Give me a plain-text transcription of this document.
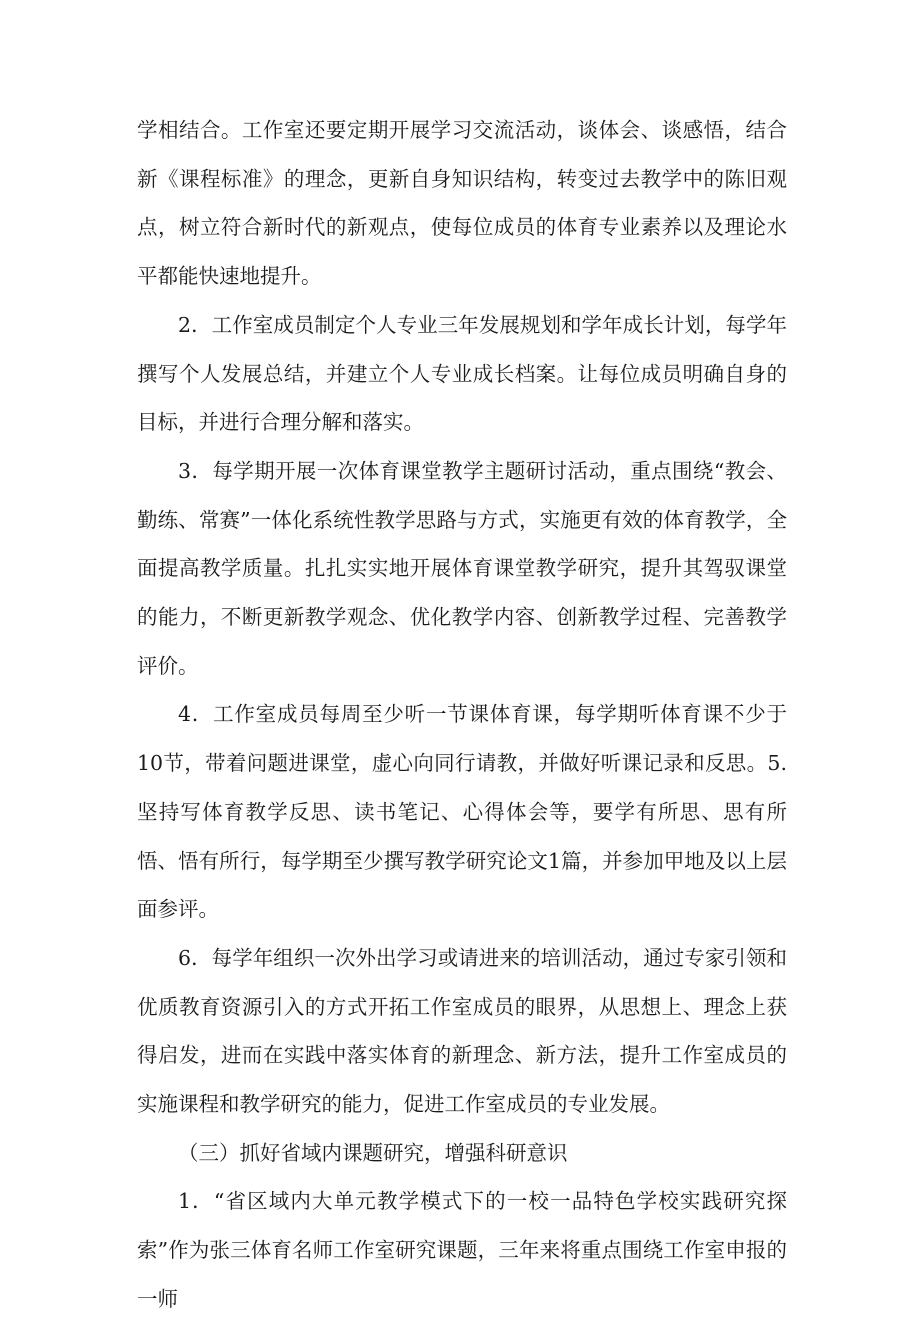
学相结合。工作室还要定期开展学习交流活动，谈体会、谈感悟，结合新《课程标准》的理念，更新自身知识结构，转变过去教学中的陈旧观点，树立符合新时代的新观点，使每位成员的体育专业素养以及理论水平都能快速地提升。

2．工作室成员制定个人专业三年发展规划和学年成长计划，每学年撰写个人发展总结，并建立个人专业成长档案。让每位成员明确自身的目标，并进行合理分解和落实。

3．每学期开展一次体育课堂教学主题研讨活动，重点围绕“教会、勤练、常赛”一体化系统性教学思路与方式，实施更有效的体育教学，全面提高教学质量。扎扎实实地开展体育课堂教学研究，提升其驾驭课堂的能力，不断更新教学观念、优化教学内容、创新教学过程、完善教学评价。

4．工作室成员每周至少听一节课体育课，每学期听体育课不少于10节，带着问题进课堂，虚心向同行请教，并做好听课记录和反思。5.坚持写体育教学反思、读书笔记、心得体会等，要学有所思、思有所悟、悟有所行，每学期至少撰写教学研究论文1篇，并参加甲地及以上层面参评。

6．每学年组织一次外出学习或请进来的培训活动，通过专家引领和优质教育资源引入的方式开拓工作室成员的眼界，从思想上、理念上获得启发，进而在实践中落实体育的新理念、新方法，提升工作室成员的实施课程和教学研究的能力，促进工作室成员的专业发展。

（三）抓好省域内课题研究，增强科研意识

1．“省区域内大单元教学模式下的一校一品特色学校实践研究探索”作为张三体育名师工作室研究课题，三年来将重点围绕工作室申报的一师
